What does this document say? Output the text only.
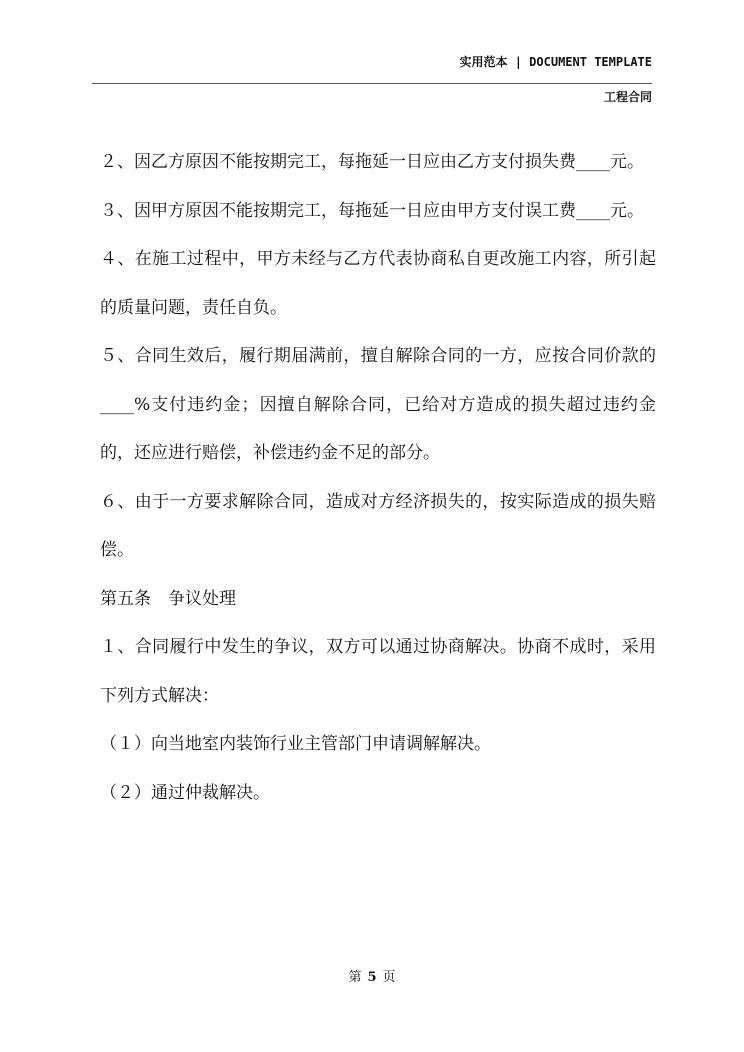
实用范本 | DOCUMENT TEMPLATE
工程合同

２、因乙方原因不能按期完工，每拖延一日应由乙方支付损失费____元。

３、因甲方原因不能按期完工，每拖延一日应由甲方支付误工费____元。

４、在施工过程中，甲方未经与乙方代表协商私自更改施工内容，所引起的质量问题，责任自负。

５、合同生效后，履行期届满前，擅自解除合同的一方，应按合同价款的____%支付违约金；因擅自解除合同，已给对方造成的损失超过违约金的，还应进行赔偿，补偿违约金不足的部分。

６、由于一方要求解除合同，造成对方经济损失的，按实际造成的损失赔偿。

第五条　争议处理

１、合同履行中发生的争议，双方可以通过协商解决。协商不成时，采用下列方式解决：

（１）向当地室内装饰行业主管部门申请调解解决。

（２）通过仲裁解决。

第 5 页
